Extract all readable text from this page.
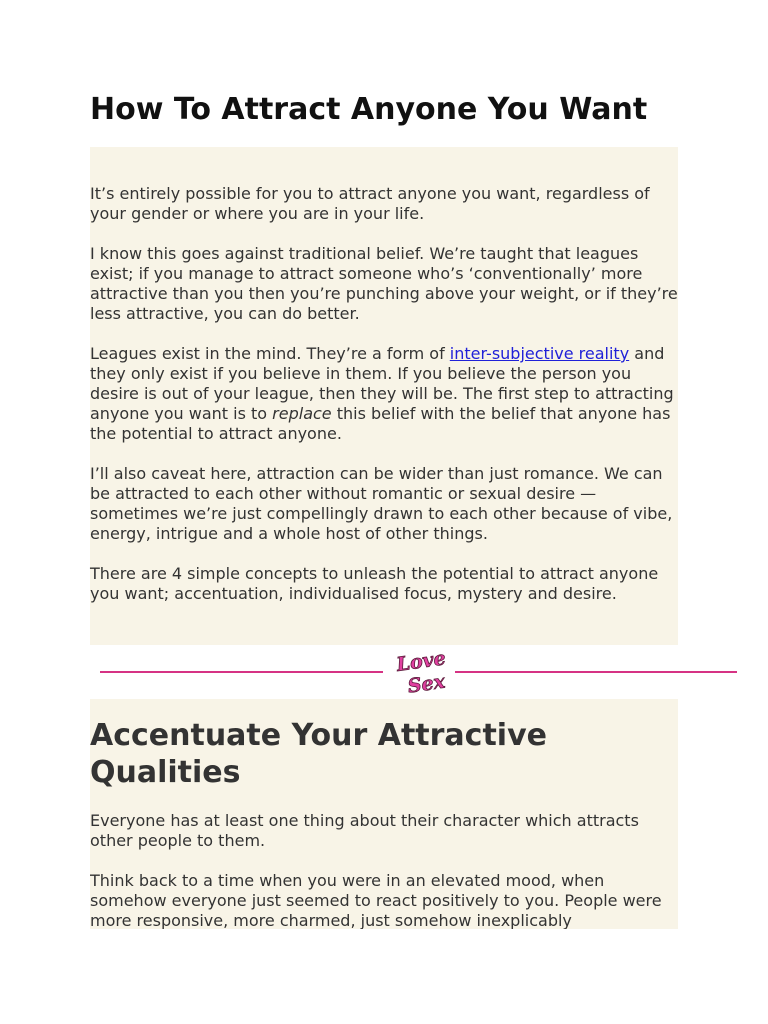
How To Attract Anyone You Want

It’s entirely possible for you to attract anyone you want, regardless of your gender or where you are in your life.

I know this goes against traditional belief. We’re taught that leagues exist; if you manage to attract someone who’s ‘conventionally’ more attractive than you then you’re punching above your weight, or if they’re less attractive, you can do better.

Leagues exist in the mind. They’re a form of inter-subjective reality and they only exist if you believe in them. If you believe the person you desire is out of your league, then they will be. The first step to attracting anyone you want is to replace this belief with the belief that anyone has the potential to attract anyone.

I’ll also caveat here, attraction can be wider than just romance. We can be attracted to each other without romantic or sexual desire — sometimes we’re just compellingly drawn to each other because of vibe, energy, intrigue and a whole host of other things.

There are 4 simple concepts to unleash the potential to attract anyone you want; accentuation, individualised focus, mystery and desire.

Love
Sex
Accentuate Your Attractive Qualities

Everyone has at least one thing about their character which attracts other people to them.

Think back to a time when you were in an elevated mood, when somehow everyone just seemed to react positively to you. People were more responsive, more charmed, just somehow inexplicably
